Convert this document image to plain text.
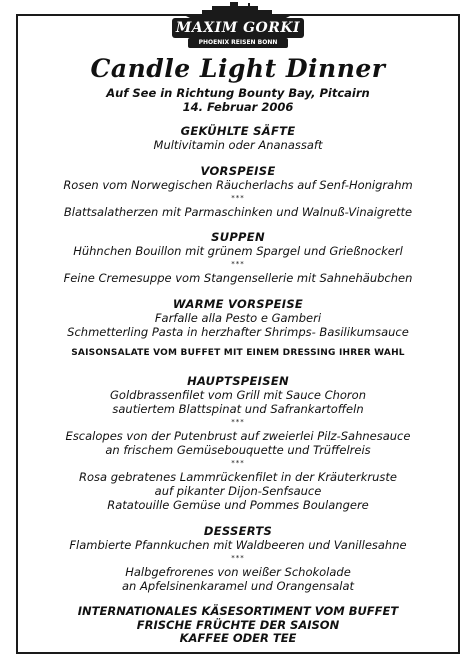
MAXIM GORKI
PHOENIX REISEN BONN
Candle Light Dinner
Auf See in Richtung Bounty Bay, Pitcairn
14. Februar 2006
GEKÜHLTE SÄFTE
Multivitamin oder Ananassaft
VORSPEISE
Rosen vom Norwegischen Räucherlachs auf Senf-Honigrahm
***
Blattsalatherzen mit Parmaschinken und Walnuß-Vinaigrette
SUPPEN
Hühnchen Bouillon mit grünem Spargel und Grießnockerl
***
Feine Cremesuppe vom Stangensellerie mit Sahnehäubchen
WARME VORSPEISE
Farfalle alla Pesto e Gamberi
Schmetterling Pasta in herzhafter Shrimps- Basilikumsauce
SAISONSALATE VOM BUFFET MIT EINEM DRESSING IHRER WAHL
HAUPTSPEISEN
Goldbrassenfilet vom Grill mit Sauce Choron
sautiertem Blattspinat und Safrankartoffeln
***
Escalopes von der Putenbrust auf zweierlei Pilz-Sahnesauce
an frischem Gemüsebouquette und Trüffelreis
***
Rosa gebratenes Lammrückenfilet in der Kräuterkruste
auf pikanter Dijon-Senfsauce
Ratatouille Gemüse und Pommes Boulangere
DESSERTS
Flambierte Pfannkuchen mit Waldbeeren und Vanillesahne
***
Halbgefrorenes von weißer Schokolade
an Apfelsinenkaramel und Orangensalat
INTERNATIONALES KÄSESORTIMENT VOM BUFFET
FRISCHE FRÜCHTE DER SAISON
KAFFEE ODER TEE
